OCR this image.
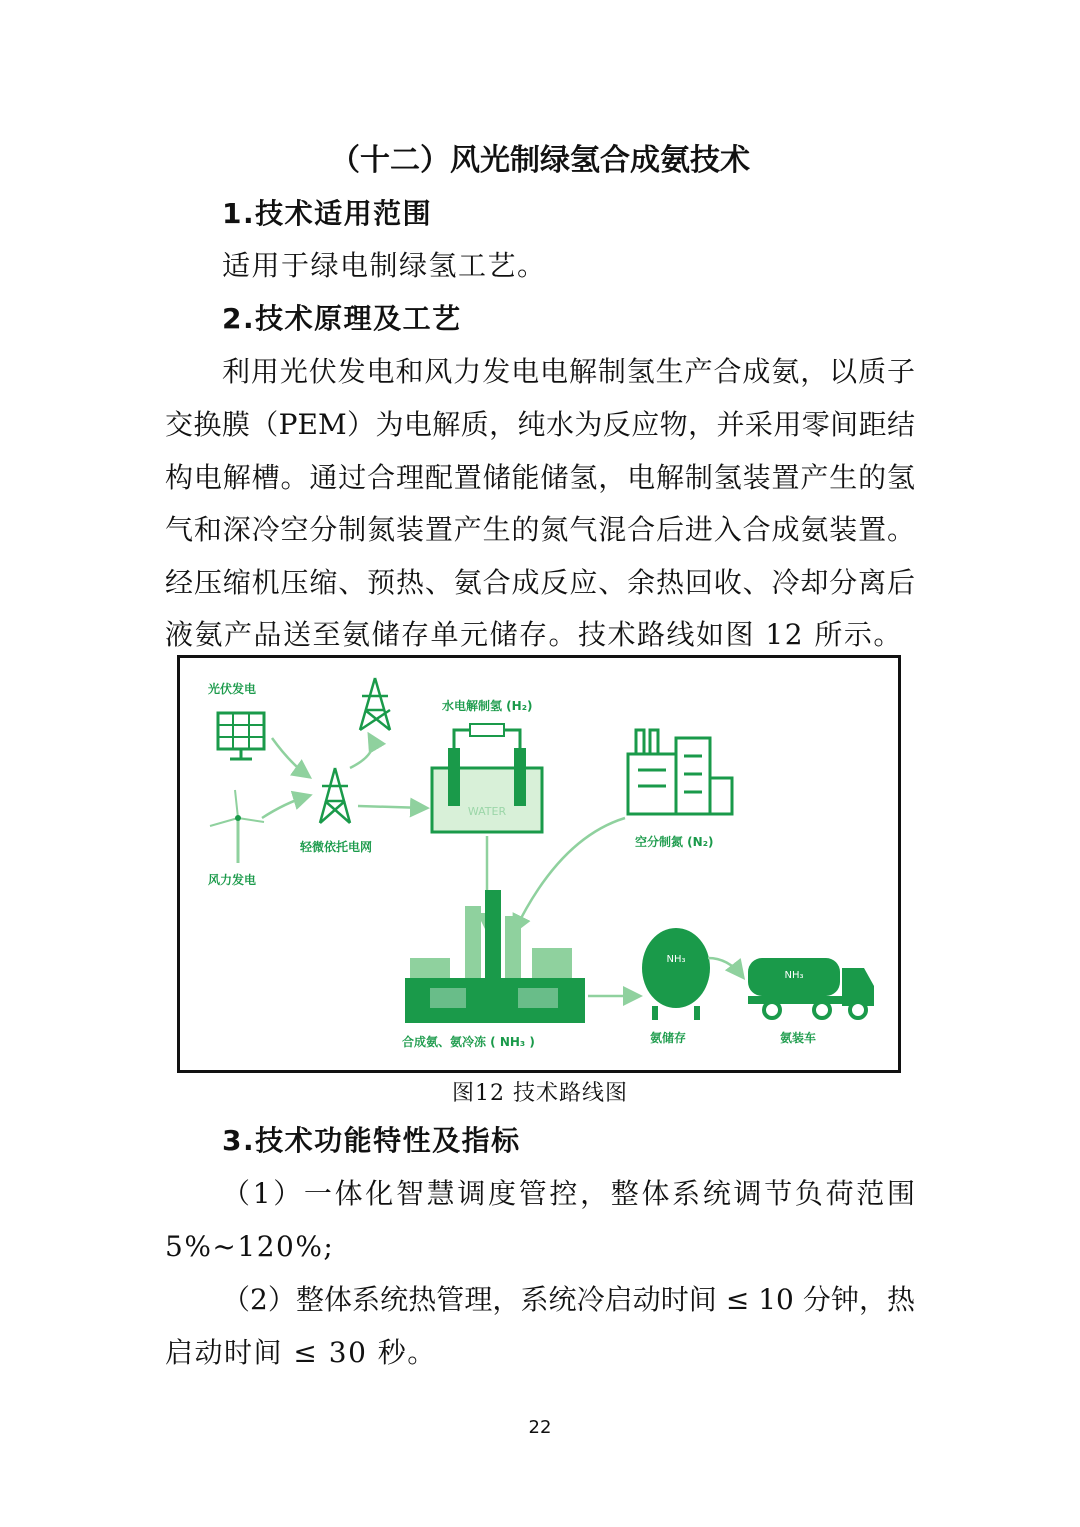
（十二）风光制绿氢合成氨技术

1.技术适用范围

适用于绿电制绿氢工艺。

2.技术原理及工艺

利用光伏发电和风力发电电解制氢生产合成氨，以质子

交换膜（PEM）为电解质，纯水为反应物，并采用零间距结

构电解槽。通过合理配置储能储氢，电解制氢装置产生的氢

气和深冷空分制氮装置产生的氮气混合后进入合成氨装置。

经压缩机压缩、预热、氨合成反应、余热回收、冷却分离后

液氨产品送至氨储存单元储存。技术路线如图 12 所示。

光伏发电
风力发电
轻微依托电网
WATER
水电解制氢 (H₂)
空分制氮 (N₂)
合成氨、氨冷冻 ( NH₃ )
NH₃
氨储存
NH₃
氨装车

图12 技术路线图

3.技术功能特性及指标

（1）一体化智慧调度管控，整体系统调节负荷范围

5%~120%;

（2）整体系统热管理，系统冷启动时间 ≤ 10 分钟，热

启动时间 ≤ 30 秒。

22
